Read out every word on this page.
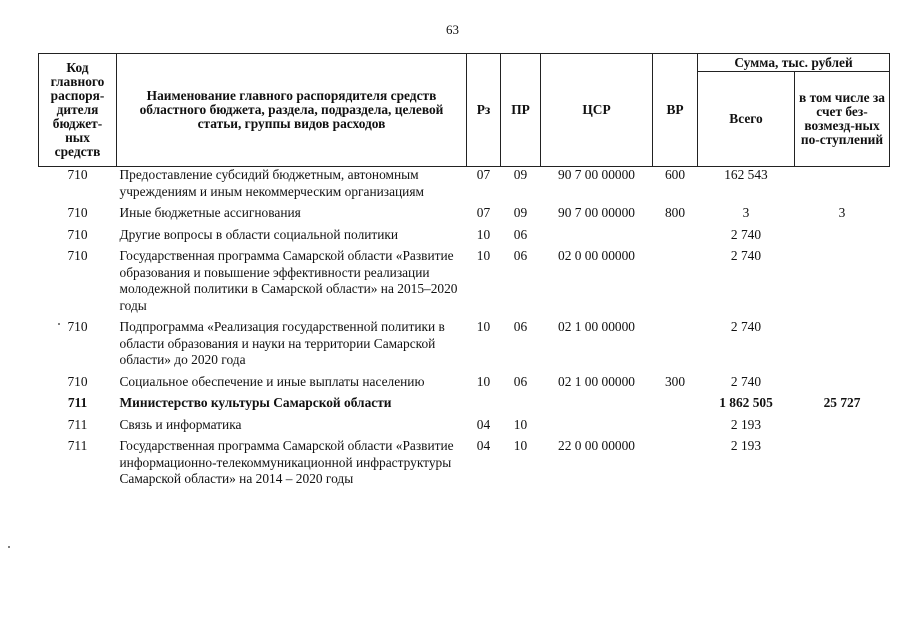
63
Код главного распоря-дителя бюджет-ных средств	Наименование главного распорядителя средств областного бюджета, раздела, подраздела, целевой статьи, группы видов расходов	Рз	ПР	ЦСР	ВР	Сумма, тыс. рублей	
						Всего	в том числе за счет без-возмезд-ных по-ступлений
710	Предоставление субсидий бюджетным, автономным учреждениям и иным некоммерческим организациям	07	09	90 7 00 00000	600	162 543	
710	Иные бюджетные ассигнования	07	09	90 7 00 00000	800	3	3
710	Другие вопросы в области социальной политики	10	06			2 740	
710	Государственная программа Самарской области «Развитие образования и повышение эффективности реализации молодежной политики в Самарской области» на 2015–2020 годы	10	06	02 0 00 00000		2 740	
710	Подпрограмма «Реализация государственной политики в области образования и науки на территории Самарской области» до 2020 года	10	06	02 1 00 00000		2 740	
710	Социальное обеспечение и иные выплаты населению	10	06	02 1 00 00000	300	2 740	
711	Министерство культуры Самарской области					1 862 505	25 727
711	Связь и информатика	04	10			2 193	
711	Государственная программа Самарской области «Развитие информационно-телекоммуникационной инфраструктуры Самарской области» на 2014 – 2020 годы	04	10	22 0 00 00000		2 193	
